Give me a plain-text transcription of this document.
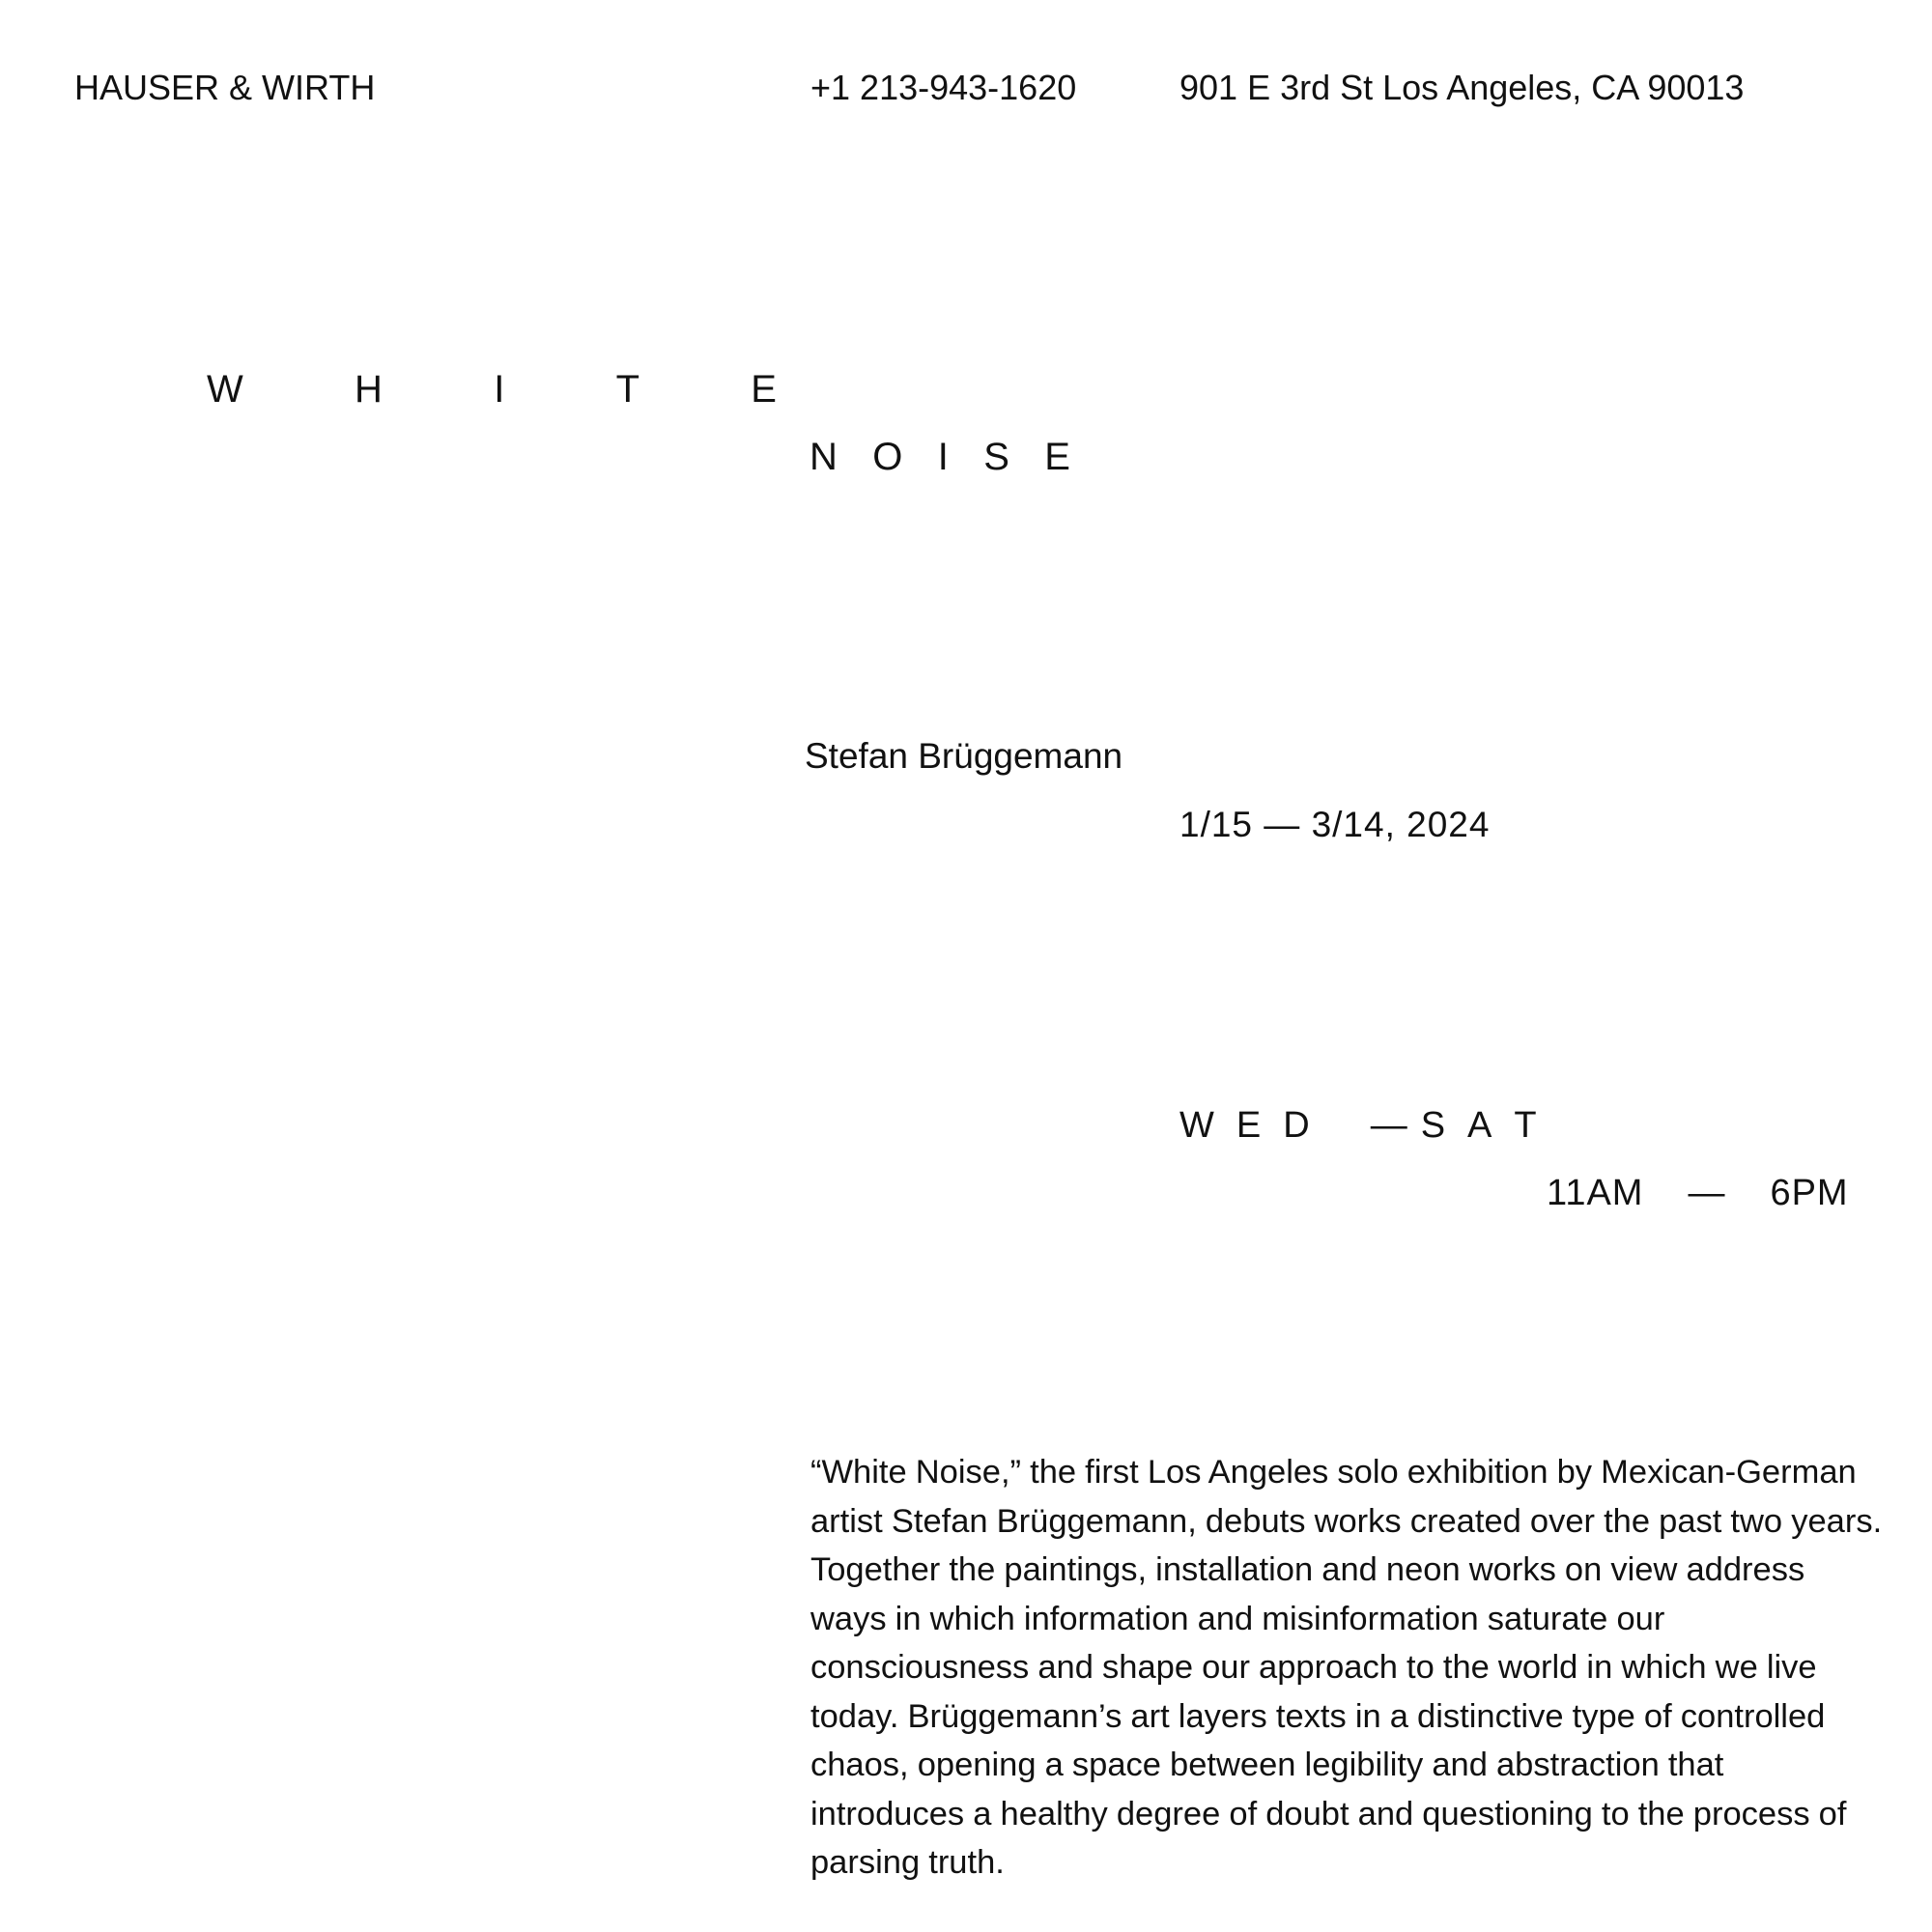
HAUSER & WIRTH	+1 213-943-1620	901 E 3rd St Los Angeles, CA 90013
W	H	I	T	E
N O I S E
Stefan Brüggemann
1/15 — 3/14, 2024
W E D — S A T
11AM — 6PM
“White Noise,” the first Los Angeles solo exhibition by Mexican-German artist Stefan Brüggemann, debuts works created over the past two years. Together the paintings, installation and neon works on view address ways in which information and misinformation saturate our consciousness and shape our approach to the world in which we live today. Brüggemann’s art layers texts in a distinctive type of controlled chaos, opening a space between legibility and abstraction that introduces a healthy degree of doubt and questioning to the process of parsing truth.
